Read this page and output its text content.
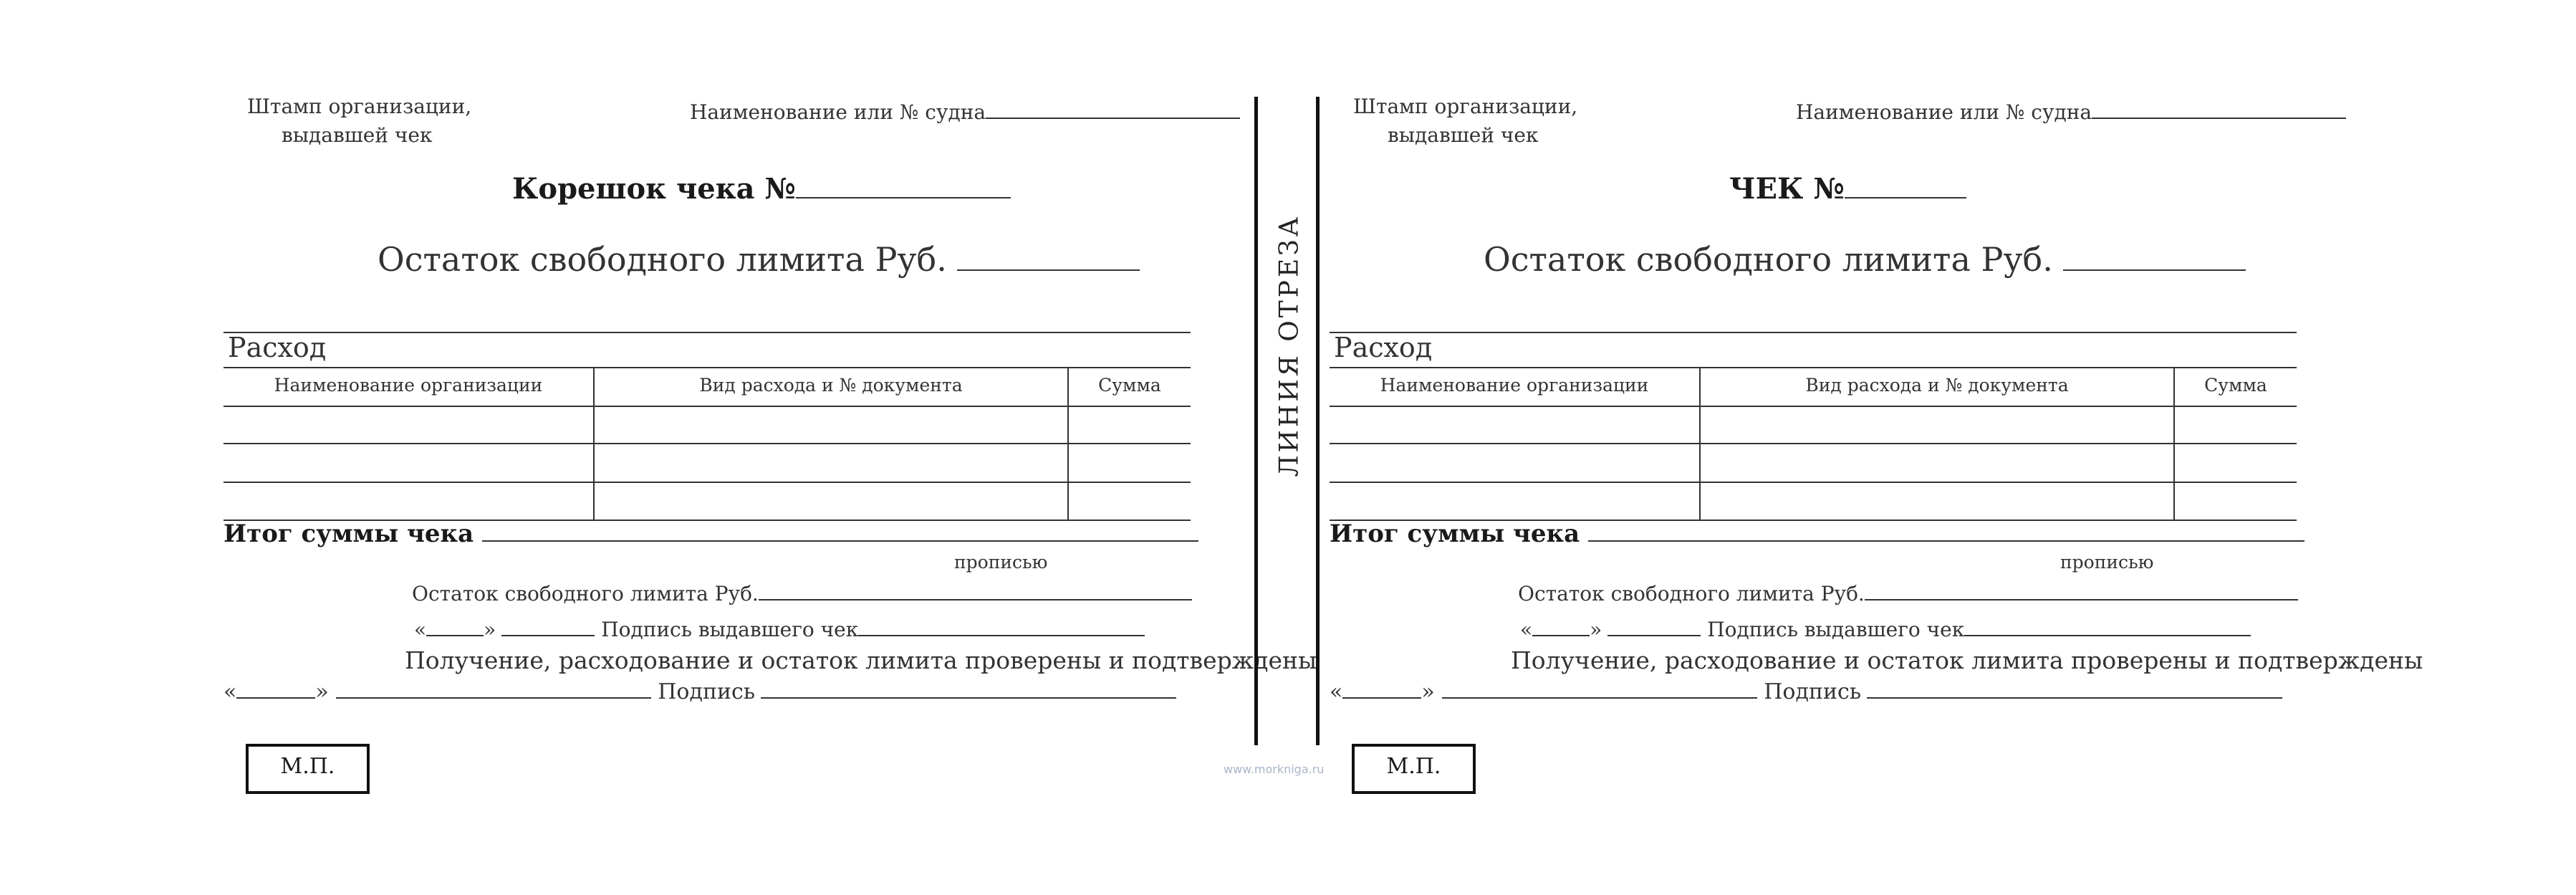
Штамп организации,
выдавшей чек
Наименование или № судна
Корешок чека №
Остаток свободного лимита Руб.
Расход
Наименование организации	Вид расхода и № документа	Сумма
Итог суммы чека
прописью
Остаток свободного лимита Руб.
«	»	Подпись выдавшего чек
Получение, расходование и остаток лимита проверены и подтверждены
«	»	Подпись
М.П.
ЛИНИЯ ОТРЕЗА
www.morkniga.ru
Штамп организации,
выдавшей чек
Наименование или № судна
ЧЕК №
Остаток свободного лимита Руб.
Расход
Наименование организации	Вид расхода и № документа	Сумма
Итог суммы чека
прописью
Остаток свободного лимита Руб.
«	»	Подпись выдавшего чек
Получение, расходование и остаток лимита проверены и подтверждены
«	»	Подпись
М.П.
